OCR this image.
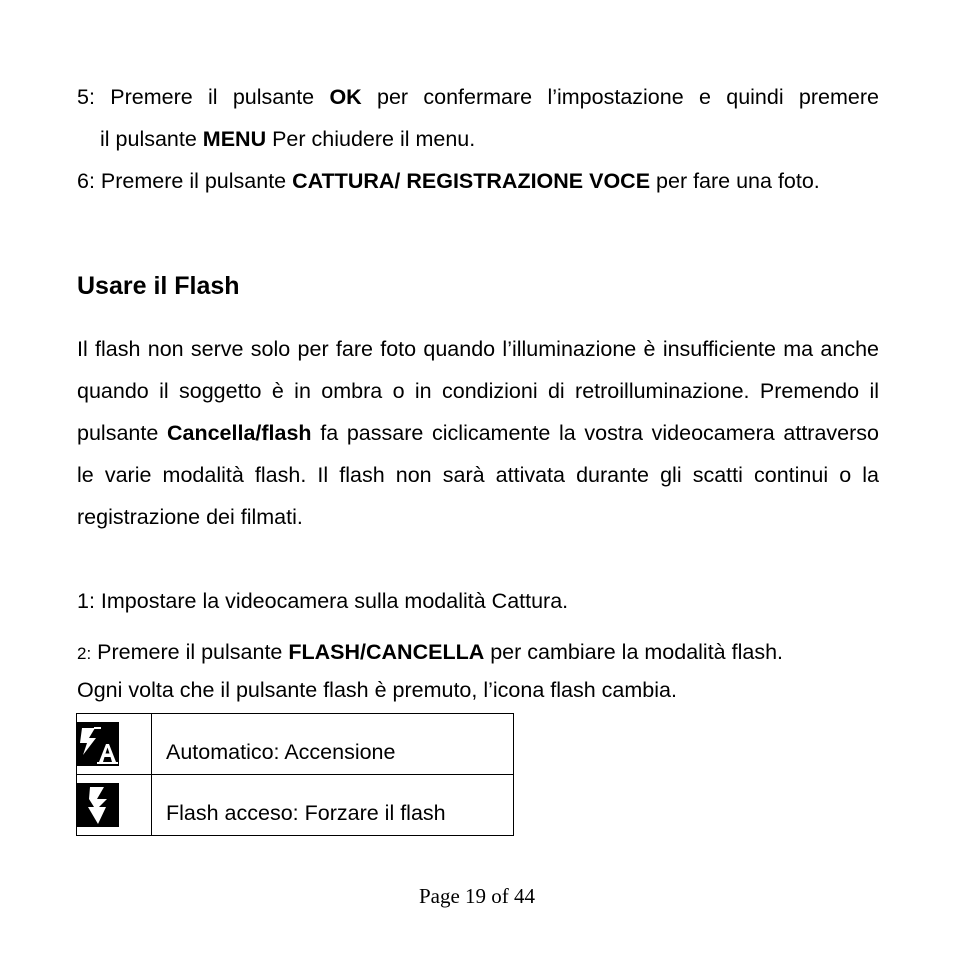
5: Premere il pulsante OK per confermare l’impostazione e quindi premere

il pulsante MENU Per chiudere il menu.

6: Premere il pulsante CATTURA/ REGISTRAZIONE VOCE per fare una foto.

Usare il Flash

Il flash non serve solo per fare foto quando l’illuminazione è insufficiente ma anche quando il soggetto è in ombra o in condizioni di retroilluminazione. Premendo il pulsante Cancella/flash fa passare ciclicamente la vostra videocamera attraverso le varie modalità flash. Il flash non sarà attivata durante gli scatti continui o la registrazione dei filmati.

1: Impostare la videocamera sulla modalità Cattura.

2: Premere il pulsante FLASH/CANCELLA per cambiare la modalità flash.
Ogni volta che il pulsante flash è premuto, l’icona flash cambia.

	Automatico: Accensione

	Flash acceso: Forzare il flash
Page 19 of 44
